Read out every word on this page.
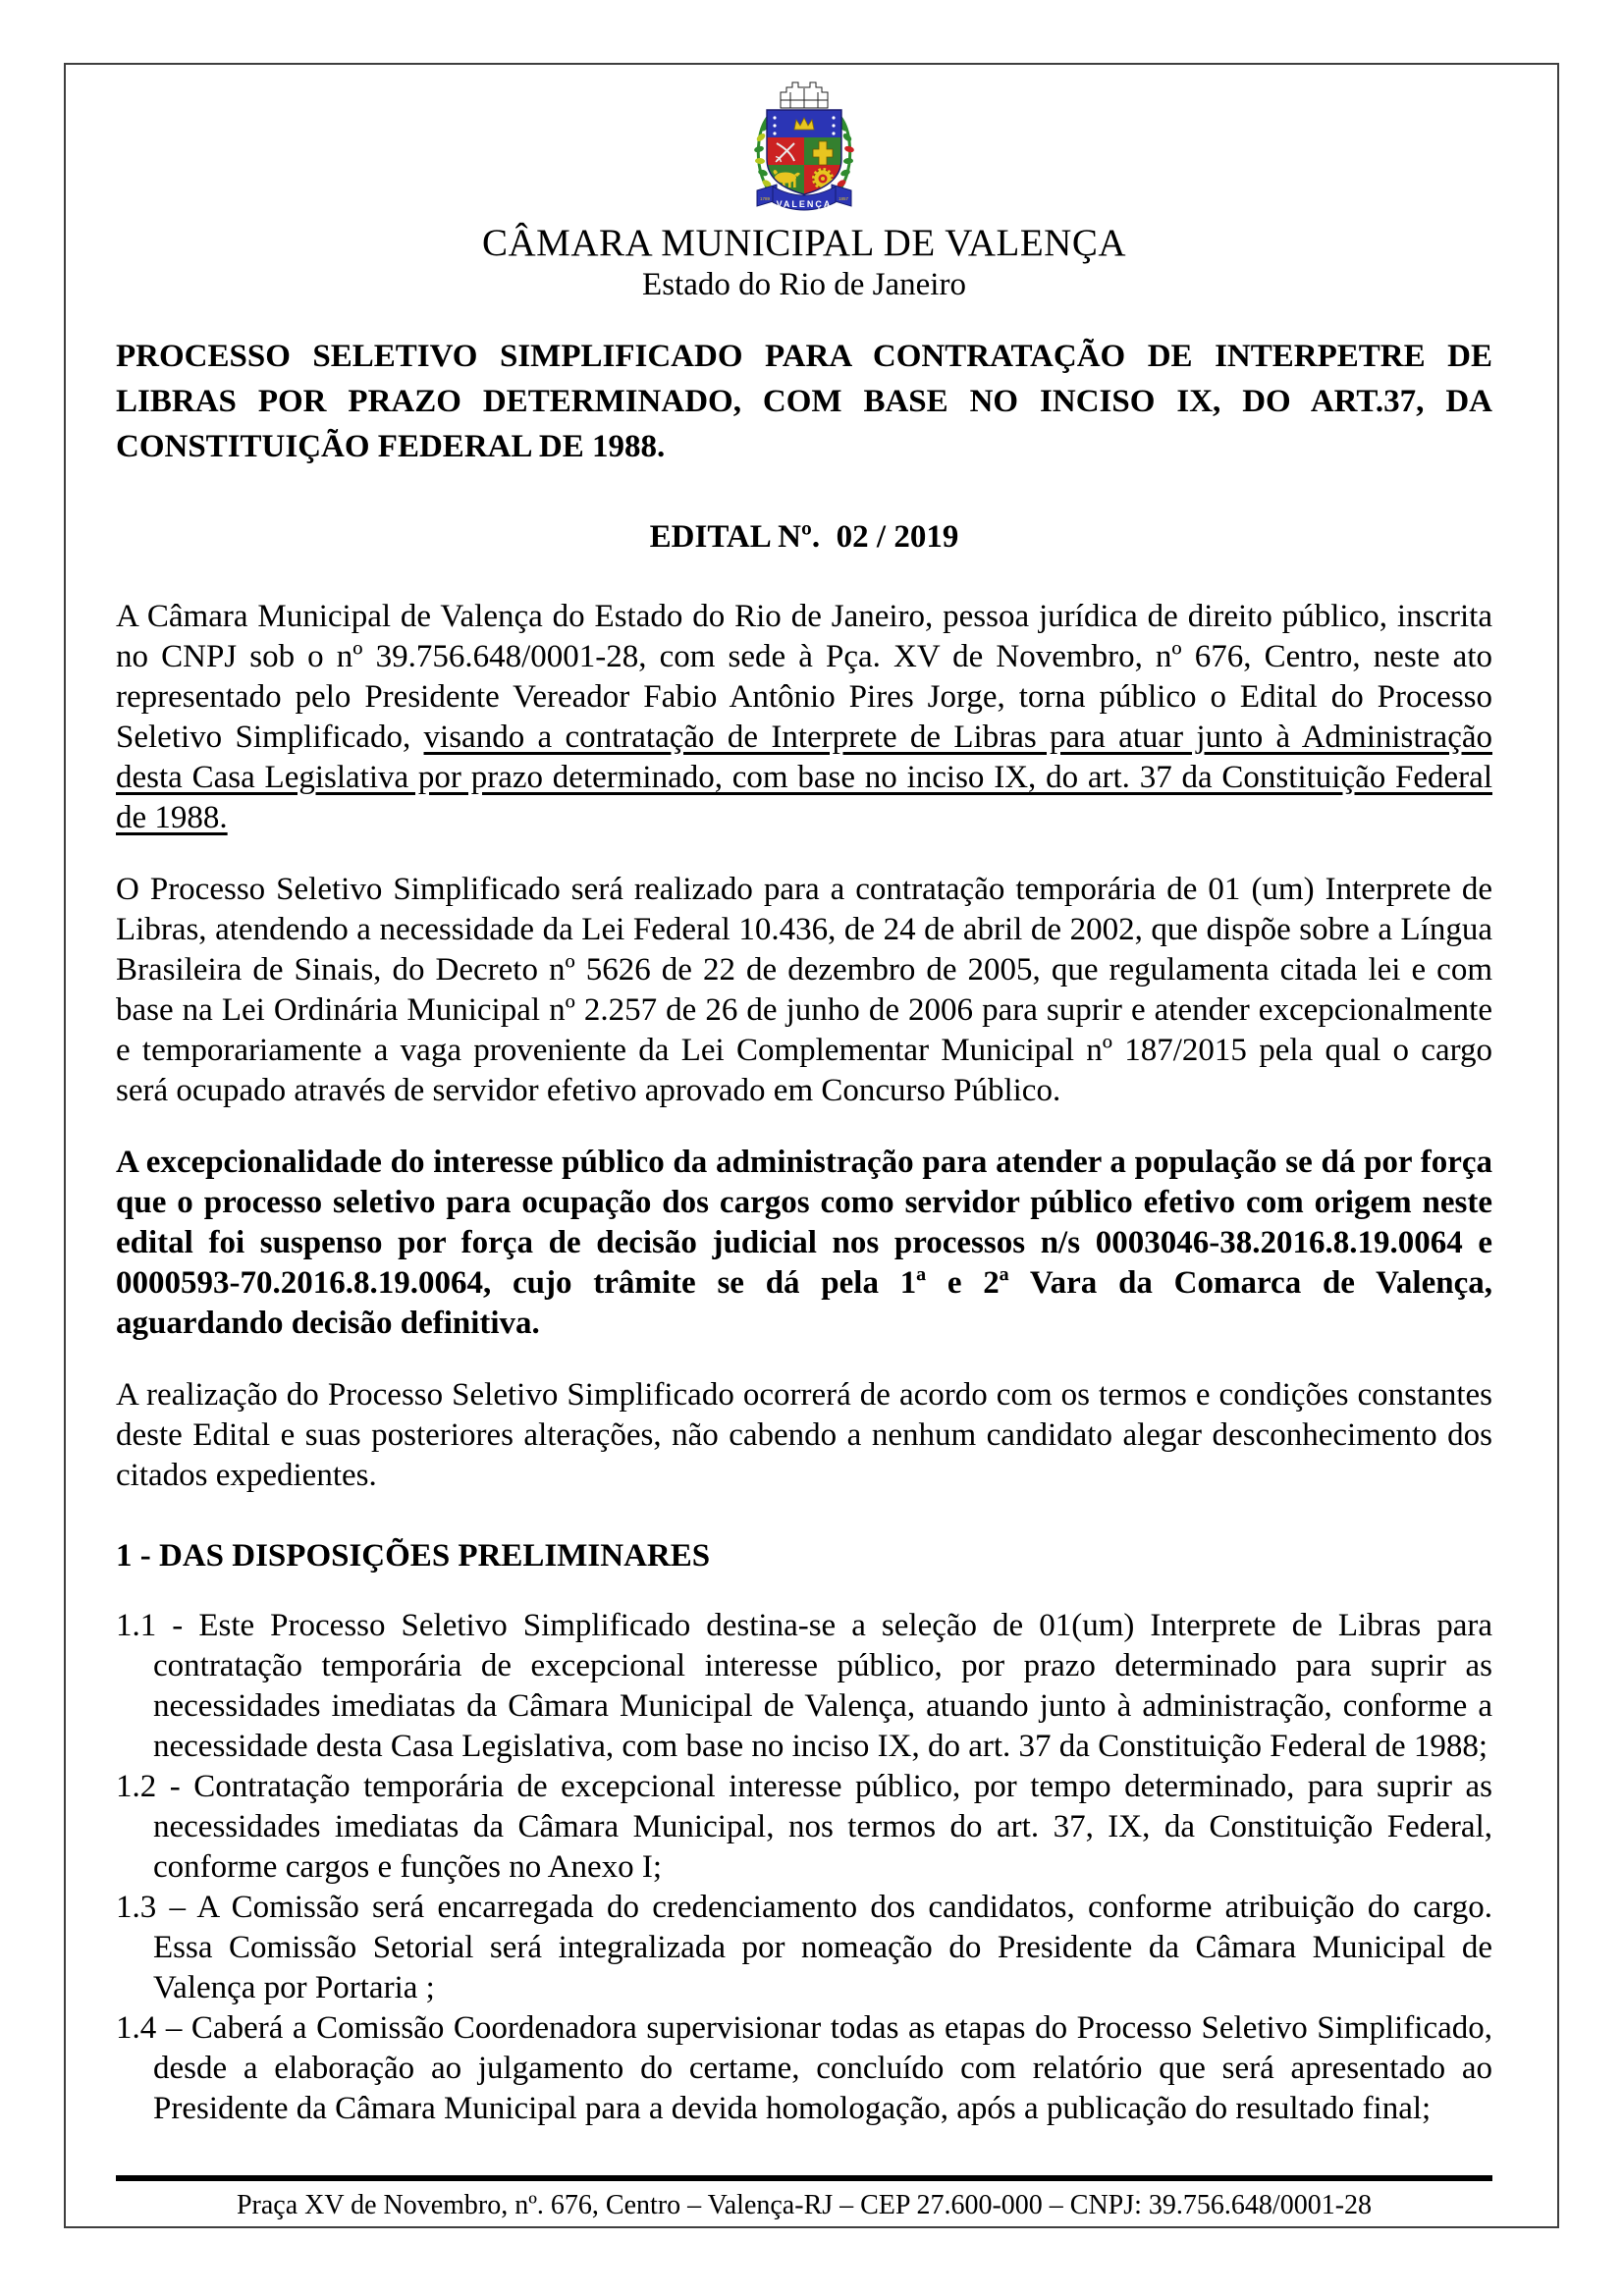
VALENÇA
1789	1857
CÂMARA MUNICIPAL DE VALENÇA
Estado do Rio de Janeiro

PROCESSO SELETIVO SIMPLIFICADO PARA CONTRATAÇÃO DE INTERPETRE DE LIBRAS POR PRAZO DETERMINADO, COM BASE NO INCISO IX, DO ART.37, DA CONSTITUIÇÃO FEDERAL DE 1988.

EDITAL Nº.  02 / 2019

A Câmara Municipal de Valença do Estado do Rio de Janeiro, pessoa jurídica de direito público, inscrita no CNPJ sob o nº 39.756.648/0001-28, com sede à Pça. XV de Novembro, nº 676, Centro, neste ato representado pelo Presidente Vereador Fabio Antônio Pires Jorge, torna público o Edital do Processo Seletivo Simplificado, visando a contratação de Interprete de Libras para atuar junto à Administração desta Casa Legislativa por prazo determinado, com base no inciso IX, do art. 37 da Constituição Federal de 1988.

O Processo Seletivo Simplificado será realizado para a contratação temporária de 01 (um) Interprete de Libras, atendendo a necessidade da Lei Federal 10.436, de 24 de abril de 2002, que dispõe sobre a Língua Brasileira de Sinais, do Decreto nº 5626 de 22 de dezembro de 2005, que regulamenta citada lei e com base na Lei Ordinária Municipal nº 2.257 de 26 de junho de 2006 para suprir e atender excepcionalmente e temporariamente a vaga proveniente da Lei Complementar Municipal nº 187/2015 pela qual o cargo será ocupado através de servidor efetivo aprovado em Concurso Público.

A excepcionalidade do interesse público da administração para atender a população se dá por força que o processo seletivo para ocupação dos cargos como servidor público efetivo com origem neste edital foi suspenso por força de decisão judicial nos processos n/s 0003046-38.2016.8.19.0064 e 0000593-70.2016.8.19.0064, cujo trâmite se dá pela 1ª e 2ª Vara da Comarca de Valença, aguardando decisão definitiva.

A realização do Processo Seletivo Simplificado ocorrerá de acordo com os termos e condições constantes deste Edital e suas posteriores alterações, não cabendo a nenhum candidato alegar desconhecimento dos citados expedientes.

1 - DAS DISPOSIÇÕES PRELIMINARES

1.1 - Este Processo Seletivo Simplificado destina-se a seleção de 01(um) Interprete de Libras para contratação temporária de excepcional interesse público, por prazo determinado para suprir as necessidades imediatas da Câmara Municipal de Valença, atuando junto à administração, conforme a necessidade desta Casa Legislativa, com base no inciso IX, do art. 37 da Constituição Federal de 1988;

1.2 - Contratação temporária de excepcional interesse público, por tempo determinado, para suprir as necessidades imediatas da Câmara Municipal, nos termos do art. 37, IX, da Constituição Federal, conforme cargos e funções no Anexo I;

1.3 – A Comissão será encarregada do credenciamento dos candidatos, conforme atribuição do cargo. Essa Comissão Setorial será integralizada por nomeação do Presidente da Câmara Municipal de Valença por Portaria ;

1.4 – Caberá a Comissão Coordenadora supervisionar todas as etapas do Processo Seletivo Simplificado, desde a elaboração ao julgamento do certame, concluído com relatório que será apresentado ao Presidente da Câmara Municipal para a devida homologação, após a publicação do resultado final;

Praça XV de Novembro, nº. 676, Centro – Valença-RJ – CEP 27.600-000 – CNPJ: 39.756.648/0001-28
